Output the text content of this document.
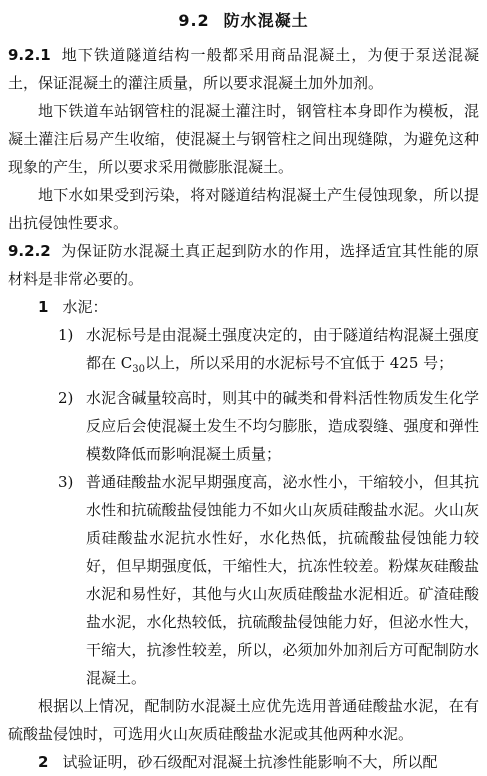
9.2 防水混凝土

9.2.1 地下铁道隧道结构一般都采用商品混凝土，为便于泵送混凝土，保证混凝土的灌注质量，所以要求混凝土加外加剂。

地下铁道车站钢管柱的混凝土灌注时，钢管柱本身即作为模板，混凝土灌注后易产生收缩，使混凝土与钢管柱之间出现缝隙，为避免这种现象的产生，所以要求采用微膨胀混凝土。

地下水如果受到污染，将对隧道结构混凝土产生侵蚀现象，所以提出抗侵蚀性要求。

9.2.2 为保证防水混凝土真正起到防水的作用，选择适宜其性能的原材料是非常必要的。

1 水泥：

1) 水泥标号是由混凝土强度决定的，由于隧道结构混凝土强度都在 $C_{30}$以上，所以采用的水泥标号不宜低于 425 号；

2) 水泥含碱量较高时，则其中的碱类和骨料活性物质发生化学反应后会使混凝土发生不均匀膨胀，造成裂缝、强度和弹性模数降低而影响混凝土质量；

3) 普通硅酸盐水泥早期强度高，泌水性小，干缩较小，但其抗水性和抗硫酸盐侵蚀能力不如火山灰质硅酸盐水泥。火山灰质硅酸盐水泥抗水性好，水化热低，抗硫酸盐侵蚀能力较好，但早期强度低，干缩性大，抗冻性较差。粉煤灰硅酸盐水泥和易性好，其他与火山灰质硅酸盐水泥相近。矿渣硅酸盐水泥，水化热较低，抗硫酸盐侵蚀能力好，但泌水性大，干缩大，抗渗性较差，所以，必须加外加剂后方可配制防水混凝土。

根据以上情况，配制防水混凝土应优先选用普通硅酸盐水泥，在有硫酸盐侵蚀时，可选用火山灰质硅酸盐水泥或其他两种水泥。

2 试验证明，砂石级配对混凝土抗渗性能影响不大，所以配
